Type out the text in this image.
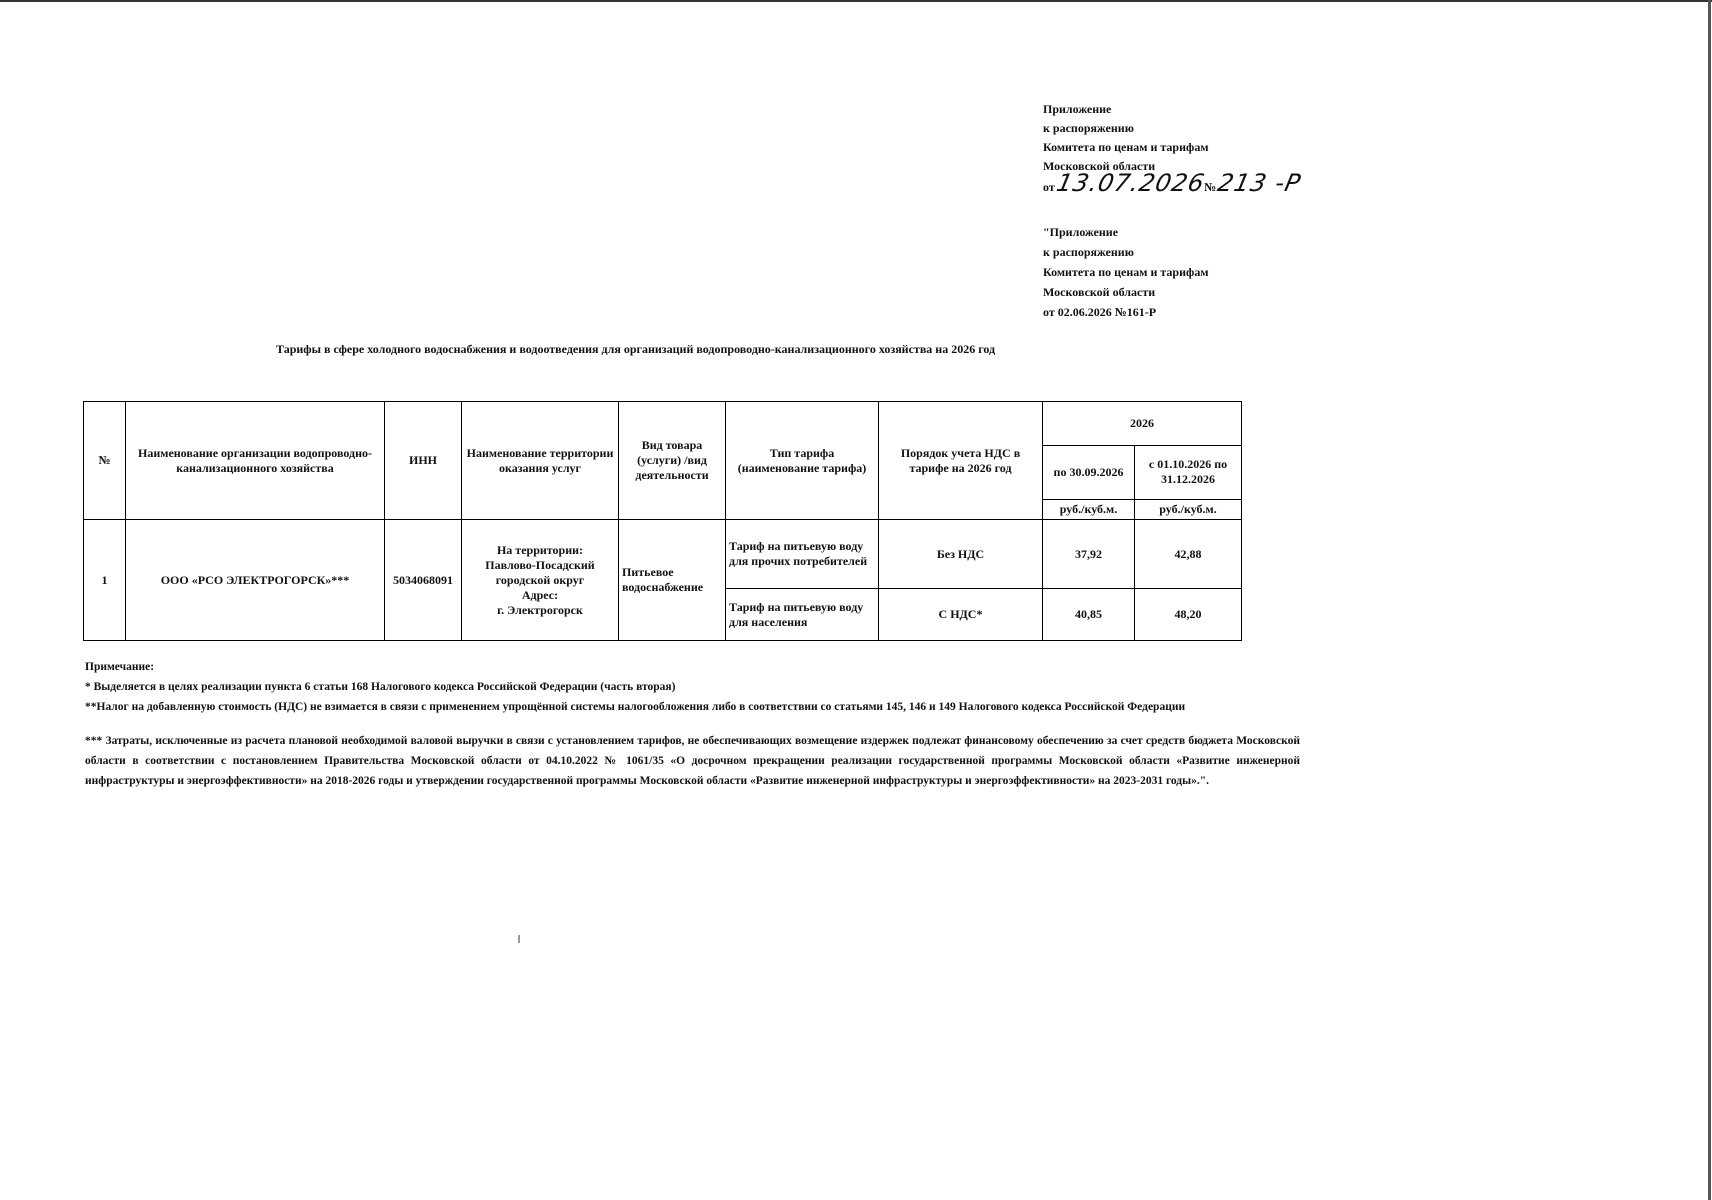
Приложение
к распоряжению
Комитета по ценам и тарифам
Московской области
от 13.07.2026
№ 213 -Р
"Приложение
к распоряжению
Комитета по ценам и тарифам
Московской области
от 02.06.2026 №161-Р
Тарифы в сфере холодного водоснабжения и водоотведения для организаций водопроводно-канализационного хозяйства на 2026 год
№	Наименование организации водопроводно-канализационного хозяйства	ИНН	Наименование территории оказания услуг	Вид товара (услуги) /вид деятельности	Тип тарифа (наименование тарифа)	Порядок учета НДС в тарифе на 2026 год	2026	
							по 30.09.2026	с 01.10.2026 по 31.12.2026
							руб./куб.м.	руб./куб.м.
1	ООО «РСО ЭЛЕКТРОГОРСК»***	5034068091	На территории:
Павлово-Посадский городской округ
Адрес:
г. Электрогорск	Питьевое водоснабжение	Тариф на питьевую воду для прочих потребителей	Без НДС	37,92	42,88
					Тариф на питьевую воду для населения	С НДС*	40,85	48,20
Примечание:
* Выделяется в целях реализации пункта 6 статьи 168 Налогового кодекса Российской Федерации (часть вторая)
**Налог на добавленную стоимость (НДС) не взимается в связи с применением упрощённой системы налогообложения либо в соответствии со статьями 145, 146 и 149 Налогового кодекса Российской Федерации
*** Затраты, исключенные из расчета плановой необходимой валовой выручки в связи с установлением тарифов, не обеспечивающих возмещение издержек подлежат финансовому обеспечению за счет средств бюджета Московской области в соответствии с постановлением Правительства Московской области от 04.10.2022 № 1061/35 «О досрочном прекращении реализации государственной программы Московской области «Развитие инженерной инфраструктуры и энергоэффективности» на 2018-2026 годы и утверждении государственной программы Московской области «Развитие инженерной инфраструктуры и энергоэффективности» на 2023-2031 годы».".
